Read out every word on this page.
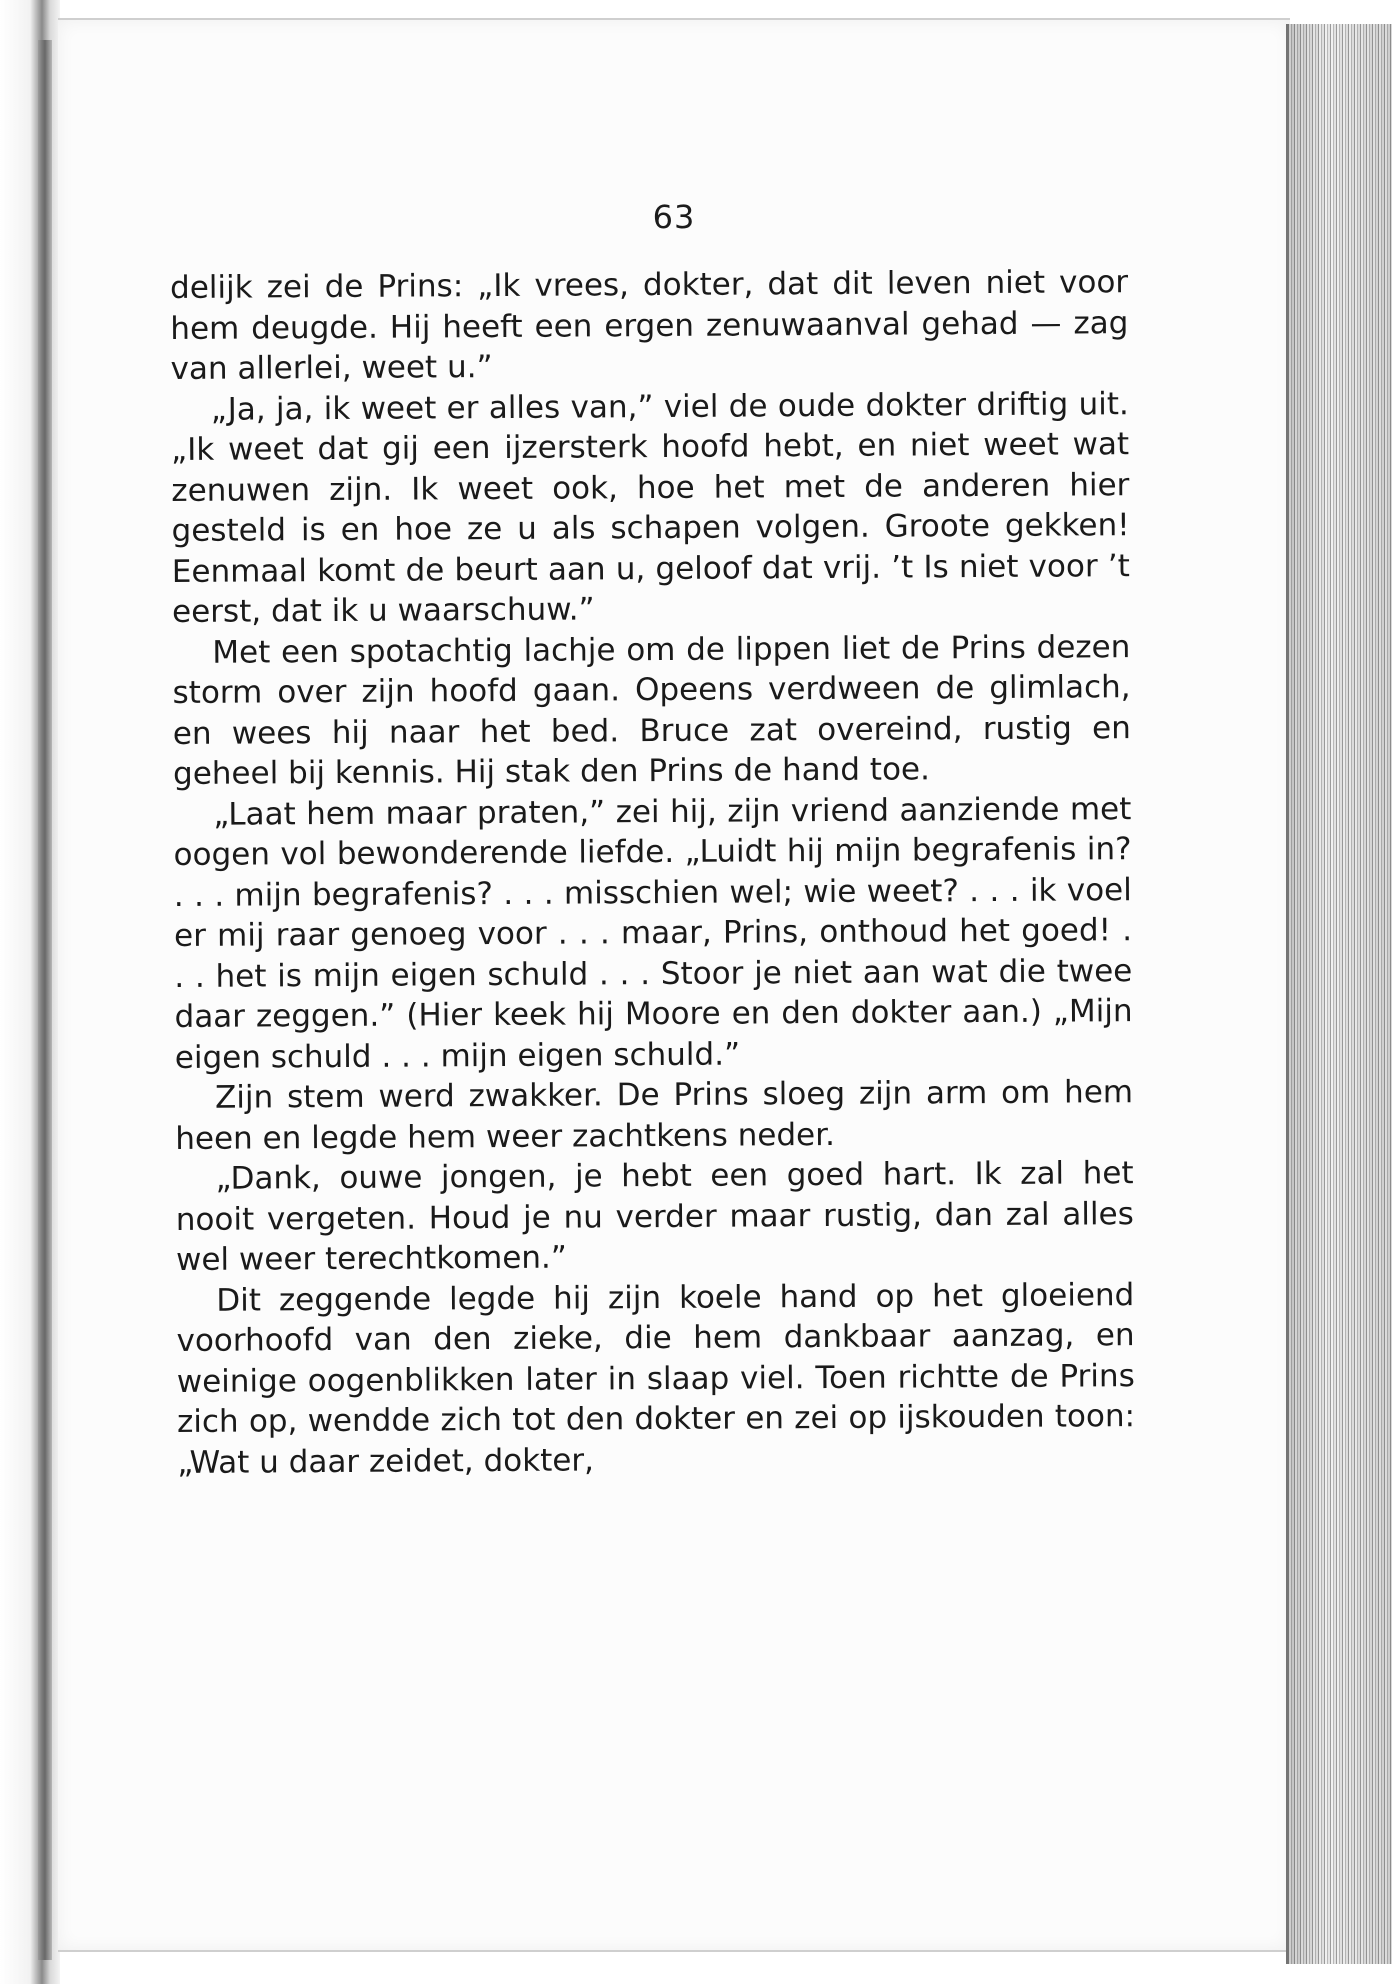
63

delijk zei de Prins: „Ik vrees, dokter, dat dit leven niet voor hem deugde. Hij heeft een ergen zenuwaanval gehad — zag van allerlei, weet u.”

„Ja, ja, ik weet er alles van,” viel de oude dokter driftig uit. „Ik weet dat gij een ijzersterk hoofd hebt, en niet weet wat zenuwen zijn. Ik weet ook, hoe het met de anderen hier gesteld is en hoe ze u als schapen volgen. Groote gekken! Eenmaal komt de beurt aan u, geloof dat vrij. ’t Is niet voor ’t eerst, dat ik u waarschuw.”

Met een spotachtig lachje om de lippen liet de Prins dezen storm over zijn hoofd gaan. Opeens verdween de glimlach, en wees hij naar het bed. Bruce zat overeind, rustig en geheel bij kennis. Hij stak den Prins de hand toe.

„Laat hem maar praten,” zei hij, zijn vriend aanziende met oogen vol bewonderende liefde. „Luidt hij mijn begrafenis in? . . . mijn begrafenis? . . . misschien wel; wie weet? . . . ik voel er mij raar genoeg voor . . . maar, Prins, onthoud het goed! . . . het is mijn eigen schuld . . . Stoor je niet aan wat die twee daar zeggen.” (Hier keek hij Moore en den dokter aan.) „Mijn eigen schuld . . . mijn eigen schuld.”

Zijn stem werd zwakker. De Prins sloeg zijn arm om hem heen en legde hem weer zachtkens neder.

„Dank, ouwe jongen, je hebt een goed hart. Ik zal het nooit vergeten. Houd je nu verder maar rustig, dan zal alles wel weer terechtkomen.”

Dit zeggende legde hij zijn koele hand op het gloeiend voorhoofd van den zieke, die hem dankbaar aanzag, en weinige oogenblikken later in slaap viel. Toen richtte de Prins zich op, wendde zich tot den dokter en zei op ijskouden toon: „Wat u daar zeidet, dokter,
